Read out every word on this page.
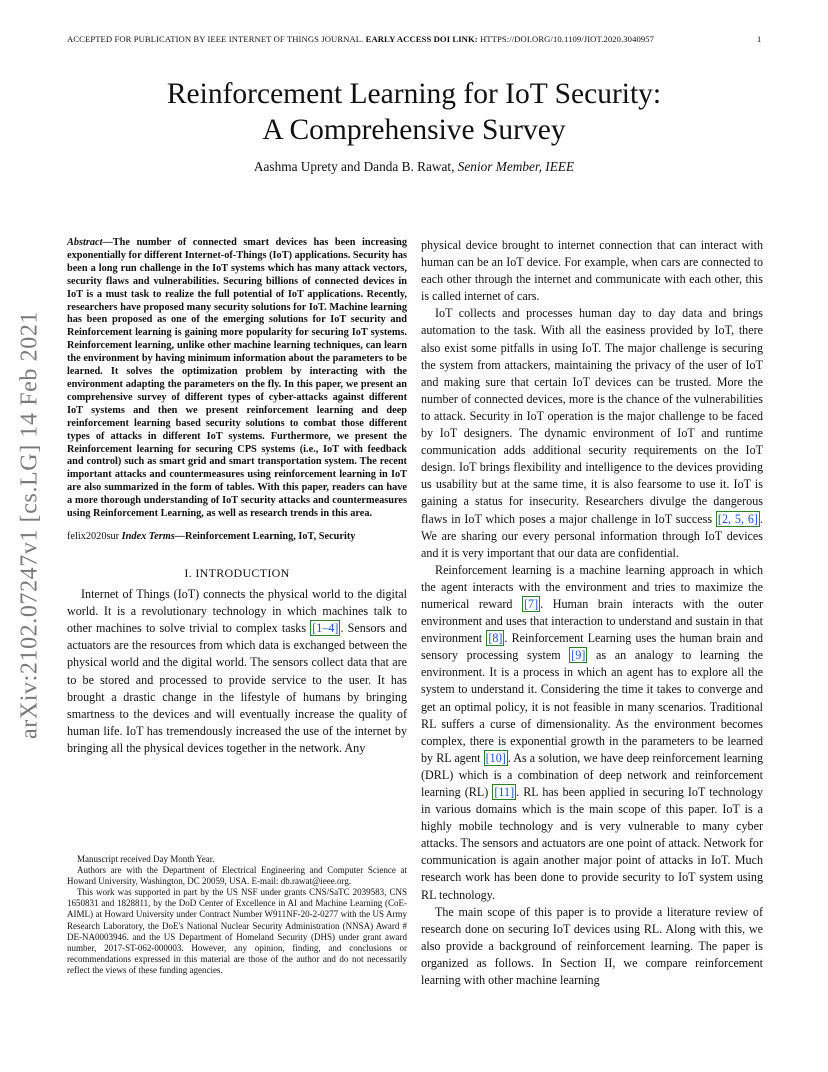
ACCEPTED FOR PUBLICATION BY IEEE INTERNET OF THINGS JOURNAL. EARLY ACCESS DOI LINK: HTTPS://DOI.ORG/10.1109/JIOT.2020.3040957	1
arXiv:2102.07247v1 [cs.LG] 14 Feb 2021
Reinforcement Learning for IoT Security:
A Comprehensive Survey
Aashma Uprety and Danda B. Rawat, Senior Member, IEEE

Abstract—The number of connected smart devices has been increasing exponentially for different Internet-of-Things (IoT) applications. Security has been a long run challenge in the IoT systems which has many attack vectors, security flaws and vulnerabilities. Securing billions of connected devices in IoT is a must task to realize the full potential of IoT applications. Recently, researchers have proposed many security solutions for IoT. Machine learning has been proposed as one of the emerging solutions for IoT security and Reinforcement learning is gaining more popularity for securing IoT systems. Reinforcement learning, unlike other machine learning techniques, can learn the environment by having minimum information about the parameters to be learned. It solves the optimization problem by interacting with the environment adapting the parameters on the fly. In this paper, we present an comprehensive survey of different types of cyber-attacks against different IoT systems and then we present reinforcement learning and deep reinforcement learning based security solutions to combat those different types of attacks in different IoT systems. Furthermore, we present the Reinforcement learning for securing CPS systems (i.e., IoT with feedback and control) such as smart grid and smart transportation system. The recent important attacks and countermeasures using reinforcement learning in IoT are also summarized in the form of tables. With this paper, readers can have a more thorough understanding of IoT security attacks and countermeasures using Reinforcement Learning, as well as research trends in this area.

felix2020sur Index Terms—Reinforcement Learning, IoT, Security

I. INTRODUCTION

Internet of Things (IoT) connects the physical world to the digital world. It is a revolutionary technology in which machines talk to other machines to solve trivial to complex tasks [1–4] . Sensors and actuators are the resources from which data is exchanged between the physical world and the digital world. The sensors collect data that are to be stored and processed to provide service to the user. It has brought a drastic change in the lifestyle of humans by bringing smartness to the devices and will eventually increase the quality of human life. IoT has tremendously increased the use of the internet by bringing all the physical devices together in the network. Any

Manuscript received Day Month Year.

Authors are with the Department of Electrical Engineering and Computer Science at Howard University, Washington, DC 20059, USA. E-mail: db.rawat@ieee.org.

This work was supported in part by the US NSF under grants CNS/SaTC 2039583, CNS 1650831 and 1828811, by the DoD Center of Excellence in AI and Machine Learning (CoE-AIML) at Howard University under Contract Number W911NF-20-2-0277 with the US Army Research Laboratory, the DoE's National Nuclear Security Administration (NNSA) Award # DE-NA0003946. and the US Department of Homeland Security (DHS) under grant award number, 2017-ST-062-000003. However, any opinion, finding, and conclusions or recommendations expressed in this material are those of the author and do not necessarily reflect the views of these funding agencies.

physical device brought to internet connection that can interact with human can be an IoT device. For example, when cars are connected to each other through the internet and communicate with each other, this is called internet of cars.

IoT collects and processes human day to day data and brings automation to the task. With all the easiness provided by IoT, there also exist some pitfalls in using IoT. The major challenge is securing the system from attackers, maintaining the privacy of the user of IoT and making sure that certain IoT devices can be trusted. More the number of connected devices, more is the chance of the vulnerabilities to attack. Security in IoT operation is the major challenge to be faced by IoT designers. The dynamic environment of IoT and runtime communication adds additional security requirements on the IoT design. IoT brings flexibility and intelligence to the devices providing us usability but at the same time, it is also fearsome to use it. IoT is gaining a status for insecurity. Researchers divulge the dangerous flaws in IoT which poses a major challenge in IoT success [2, 5, 6] . We are sharing our every personal information through IoT devices and it is very important that our data are confidential.

Reinforcement learning is a machine learning approach in which the agent interacts with the environment and tries to maximize the numerical reward [7] . Human brain interacts with the outer environment and uses that interaction to understand and sustain in that environment [8] . Reinforcement Learning uses the human brain and sensory processing system [9] as an analogy to learning the environment. It is a process in which an agent has to explore all the system to understand it. Considering the time it takes to converge and get an optimal policy, it is not feasible in many scenarios. Traditional RL suffers a curse of dimensionality. As the environment becomes complex, there is exponential growth in the parameters to be learned by RL agent [10] . As a solution, we have deep reinforcement learning (DRL) which is a combination of deep network and reinforcement learning (RL) [11] . RL has been applied in securing IoT technology in various domains which is the main scope of this paper. IoT is a highly mobile technology and is very vulnerable to many cyber attacks. The sensors and actuators are one point of attack. Network for communication is again another major point of attacks in IoT. Much research work has been done to provide security to IoT system using RL technology.

The main scope of this paper is to provide a literature review of research done on securing IoT devices using RL. Along with this, we also provide a background of reinforcement learning. The paper is organized as follows. In Section II, we compare reinforcement learning with other machine learning
